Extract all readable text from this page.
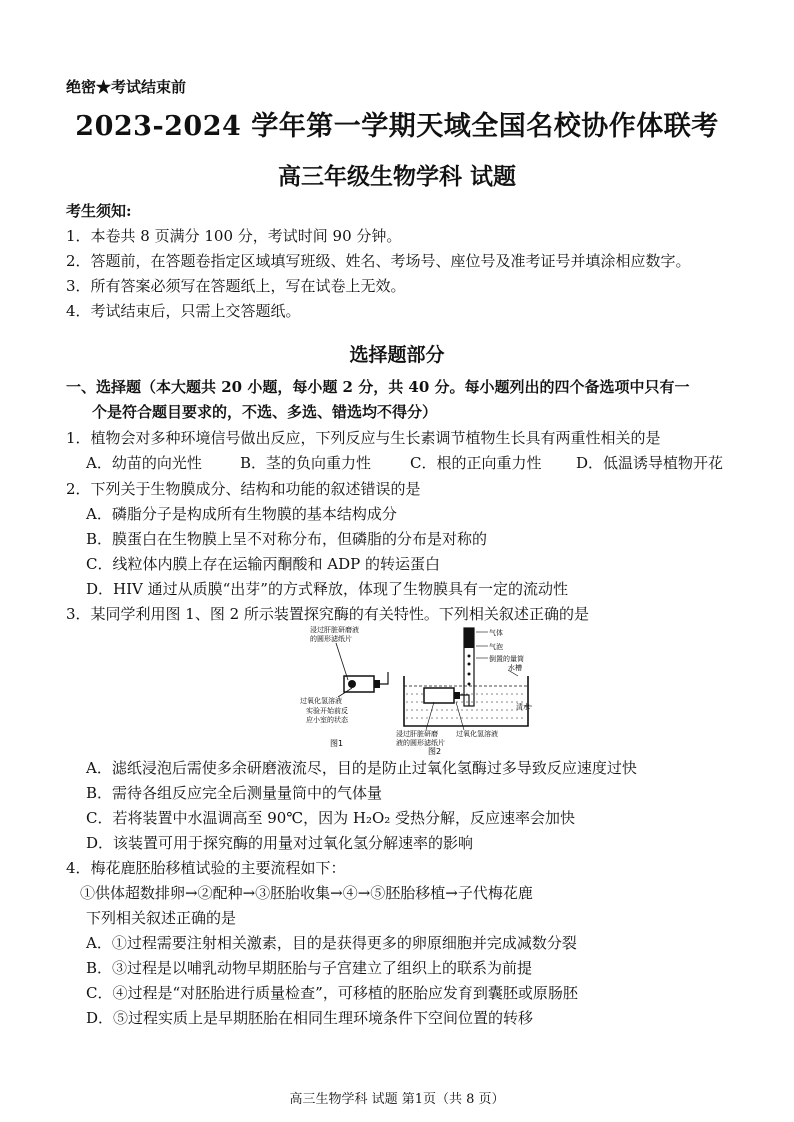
绝密★考试结束前
2023-2024 学年第一学期天域全国名校协作体联考
高三年级生物学科 试题
考生须知:
1．本卷共 8 页满分 100 分，考试时间 90 分钟。
2．答题前，在答题卷指定区域填写班级、姓名、考场号、座位号及准考证号并填涂相应数字。
3．所有答案必须写在答题纸上，写在试卷上无效。
4．考试结束后，只需上交答题纸。
选择题部分
一、选择题（本大题共 20 小题，每小题 2 分，共 40 分。每小题列出的四个备选项中只有一
个是符合题目要求的，不选、多选、错选均不得分）
1．植物会对多种环境信号做出反应，下列反应与生长素调节植物生长具有两重性相关的是
A．幼苗的向光性	B．茎的负向重力性	C．根的正向重力性 D．低温诱导植物开花
2．下列关于生物膜成分、结构和功能的叙述错误的是
A．磷脂分子是构成所有生物膜的基本结构成分
B．膜蛋白在生物膜上呈不对称分布，但磷脂的分布是对称的
C．线粒体内膜上存在运输丙酮酸和 ADP 的转运蛋白
D．HIV 通过从质膜“出芽”的方式释放，体现了生物膜具有一定的流动性
3．某同学利用图 1、图 2 所示装置探究酶的有关特性。下列相关叙述正确的是
浸过肝脏研磨液
的圆形滤纸片
过氧化氢溶液
实验开始前反
应小室的状态
图1
气体
气泡
倒置的量筒
水槽
清水
浸过肝脏研磨
液的圆形滤纸片
过氧化氢溶液
图2
A．滤纸浸泡后需使多余研磨液流尽，目的是防止过氧化氢酶过多导致反应速度过快
B．需待各组反应完全后测量量筒中的气体量
C．若将装置中水温调高至 90℃，因为 H₂O₂ 受热分解，反应速率会加快
D．该装置可用于探究酶的用量对过氧化氢分解速率的影响
4．梅花鹿胚胎移植试验的主要流程如下：
①供体超数排卵→②配种→③胚胎收集→④→⑤胚胎移植→子代梅花鹿
下列相关叙述正确的是
A．①过程需要注射相关激素，目的是获得更多的卵原细胞并完成减数分裂
B．③过程是以哺乳动物早期胚胎与子宫建立了组织上的联系为前提
C．④过程是“对胚胎进行质量检查”，可移植的胚胎应发育到囊胚或原肠胚
D．⑤过程实质上是早期胚胎在相同生理环境条件下空间位置的转移
高三生物学科 试题 第1页（共 8 页）
